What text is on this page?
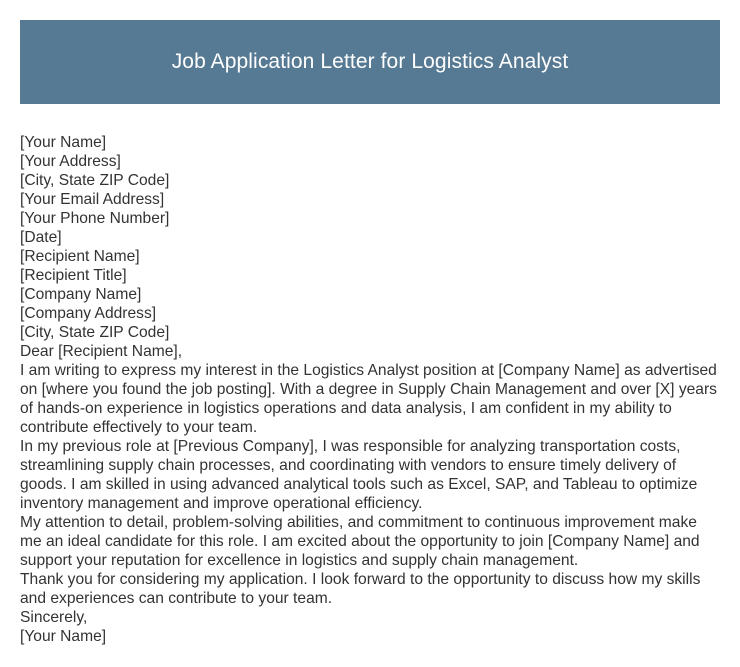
Job Application Letter for Logistics Analyst
[Your Name]
[Your Address]
[City, State ZIP Code]
[Your Email Address]
[Your Phone Number]
[Date]
[Recipient Name]
[Recipient Title]
[Company Name]
[Company Address]
[City, State ZIP Code]
Dear [Recipient Name],

I am writing to express my interest in the Logistics Analyst position at [Company Name] as advertised on [where you found the job posting]. With a degree in Supply Chain Management and over [X] years of hands-on experience in logistics operations and data analysis, I am confident in my ability to contribute effectively to your team.

In my previous role at [Previous Company], I was responsible for analyzing transportation costs, streamlining supply chain processes, and coordinating with vendors to ensure timely delivery of goods. I am skilled in using advanced analytical tools such as Excel, SAP, and Tableau to optimize inventory management and improve operational efficiency.

My attention to detail, problem-solving abilities, and commitment to continuous improvement make me an ideal candidate for this role. I am excited about the opportunity to join [Company Name] and support your reputation for excellence in logistics and supply chain management.

Thank you for considering my application. I look forward to the opportunity to discuss how my skills and experiences can contribute to your team.

Sincerely,
[Your Name]
